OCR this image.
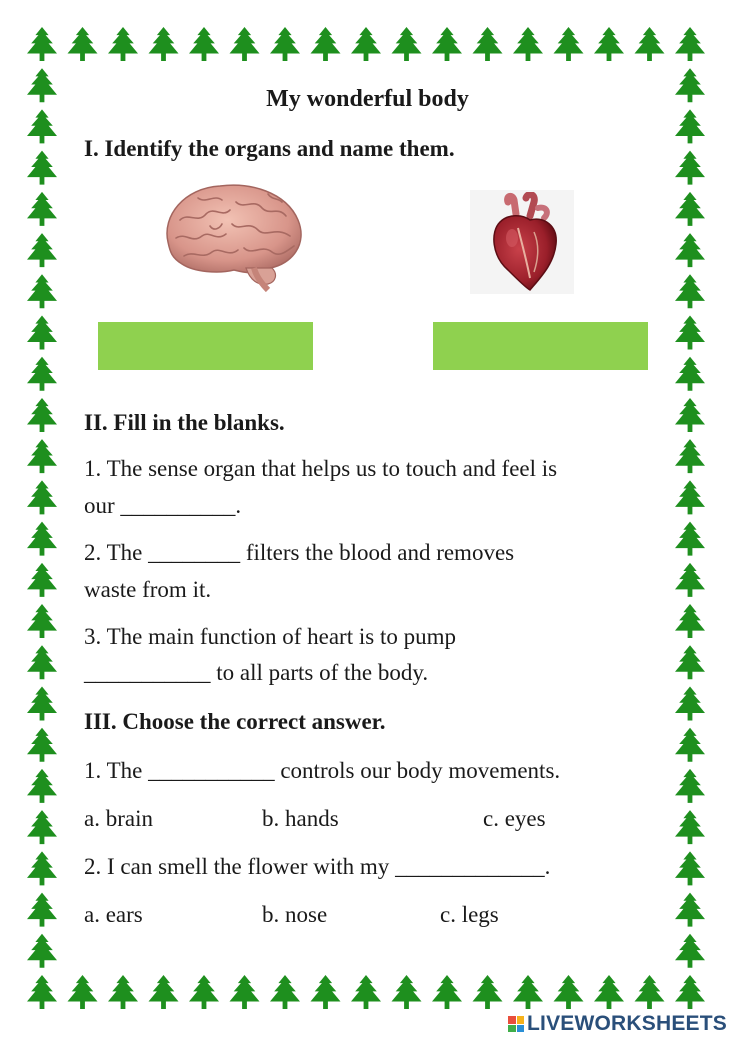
My wonderful body
I. Identify the organs and name them.
II. Fill in the blanks.
1. The sense organ that helps us to touch and feel is
our __________.
2. The ________ filters the blood and removes
waste from it.
3. The main function of heart is to pump
___________ to all parts of the body.
III. Choose the correct answer.
1. The ___________ controls our body movements.
a. brain	b. hands	c. eyes
2. I can smell the flower with my _____________.
a. ears	b. nose	c. legs
LIVEWORKSHEETS
